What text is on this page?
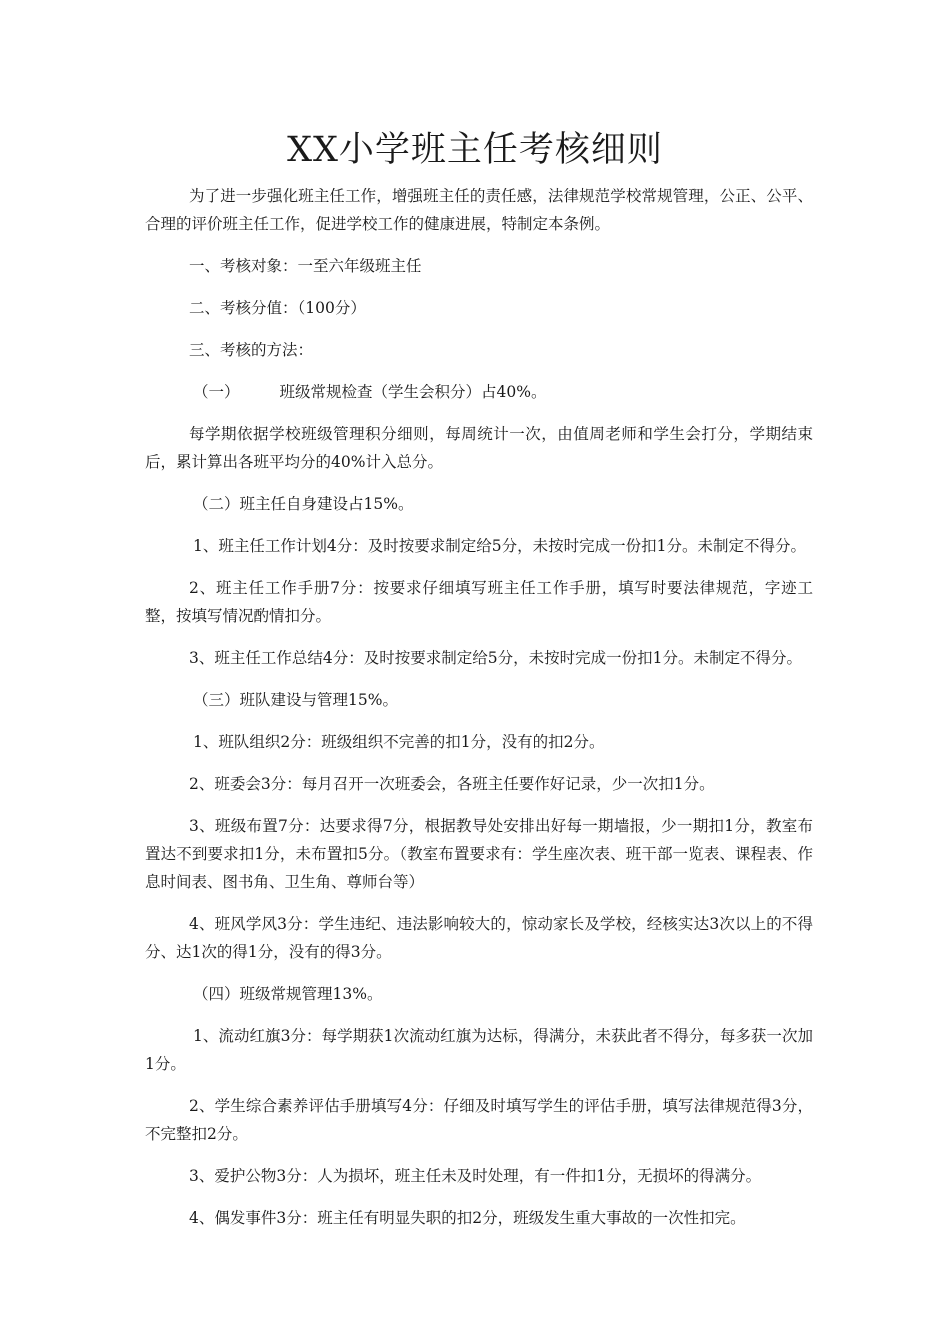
XX小学班主任考核细则

为了进一步强化班主任工作，增强班主任的责任感，法律规范学校常规管理，公正、公平、合理的评价班主任工作，促进学校工作的健康进展，特制定本条例。

一、考核对象：一至六年级班主任

二、考核分值：（100分）

三、考核的方法：

（一）	班级常规检查（学生会积分）占40%。

每学期依据学校班级管理积分细则，每周统计一次，由值周老师和学生会打分，学期结束后，累计算出各班平均分的40%计入总分。

（二）班主任自身建设占15%。

1、班主任工作计划4分：及时按要求制定给5分，未按时完成一份扣1分。未制定不得分。

2、班主任工作手册7分：按要求仔细填写班主任工作手册，填写时要法律规范，字迹工整，按填写情况酌情扣分。

3、班主任工作总结4分：及时按要求制定给5分，未按时完成一份扣1分。未制定不得分。

（三）班队建设与管理15%。

1、班队组织2分：班级组织不完善的扣1分，没有的扣2分。

2、班委会3分：每月召开一次班委会，各班主任要作好记录，少一次扣1分。

3、班级布置7分：达要求得7分，根据教导处安排出好每一期墙报，少一期扣1分，教室布置达不到要求扣1分，未布置扣5分。（教室布置要求有：学生座次表、班干部一览表、课程表、作息时间表、图书角、卫生角、尊师台等）

4、班风学风3分：学生违纪、违法影响较大的，惊动家长及学校，经核实达3次以上的不得分、达1次的得1分，没有的得3分。

（四）班级常规管理13%。

1、流动红旗3分：每学期获1次流动红旗为达标，得满分，未获此者不得分，每多获一次加1分。

2、学生综合素养评估手册填写4分：仔细及时填写学生的评估手册，填写法律规范得3分，不完整扣2分。

3、爱护公物3分：人为损坏，班主任未及时处理，有一件扣1分，无损坏的得满分。

4、偶发事件3分：班主任有明显失职的扣2分，班级发生重大事故的一次性扣完。
